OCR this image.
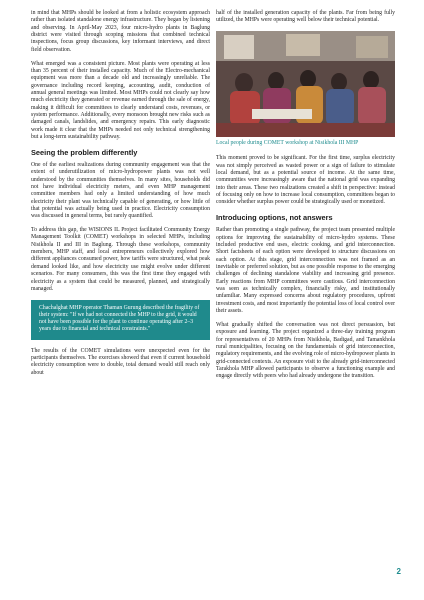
in mind that MHPs should be looked at from a holistic ecosystem approach rather than isolated standalone energy infrastructure. They began by listening and observing. In April-May 2023, four micro-hydro plants in Baglung district were visited through scoping missions that combined technical inspections, focus group discussions, key informant interviews, and direct field observation.

What emerged was a consistent picture. Most plants were operating at less than 35 percent of their installed capacity. Much of the Electro-mechanical equipment was more than a decade old and increasingly unreliable. The governance including record keeping, accounting, audit, conduction of annual general meetings was limited. Most MHPs could not clearly say how much electricity they generated or revenue earned through the sale of energy, making it difficult for committees to clearly understand costs, revenues, or system performance. Additionally, every monsoon brought new risks such as damaged canals, landslides, and emergency repairs. This early diagnostic work made it clear that the MHPs needed not only technical strengthening but a long-term sustainability pathway.

Seeing the problem differently

One of the earliest realizations during community engagement was that the extent of underutilization of micro-hydropower plants was not well understood by the communities themselves. In many sites, households did not have individual electricity meters, and even MHP management committee members had only a limited understanding of how much electricity their plant was technically capable of generating, or how little of that potential was actually being used in practice. Electricity consumption was discussed in general terms, but rarely quantified.

To address this gap, the WISIONS IL Project facilitated Community Energy Management Toolkit (COMET) workshops in selected MHPs, including Nisikhola II and III in Baglung. Through these workshops, community members, MHP staff, and local entrepreneurs collectively explored how different appliances consumed power, how tariffs were structured, what peak demand looked like, and how electricity use might evolve under different scenarios. For many consumers, this was the first time they engaged with electricity as a system that could be measured, planned, and strategically managed.

Chachalghat MHP operator Thaman Gurung described the fragility of their system: "If we had not connected the MHP to the grid, it would not have been possible for the plant to continue operating after 2–3 years due to financial and technical constraints."

The results of the COMET simulations were unexpected even for the participants themselves. The exercises showed that even if current household electricity consumption were to double, total demand would still reach only about

half of the installed generation capacity of the plants. Far from being fully utilized, the MHPs were operating well below their technical potential.

Local people during COMET workshop at Nisikhola III MHP

This moment proved to be significant. For the first time, surplus electricity was not simply perceived as wasted power or a sign of failure to stimulate local demand, but as a potential source of income. At the same time, communities were increasingly aware that the national grid was expanding into their areas. These two realizations created a shift in perspective: instead of focusing only on how to increase local consumption, committees began to consider whether surplus power could be strategically used or monetized.

Introducing options, not answers

Rather than promoting a single pathway, the project team presented multiple options for improving the sustainability of micro-hydro systems. These included productive end uses, electric cooking, and grid interconnection. Short factsheets of each option were developed to structure discussions on each option. At this stage, grid interconnection was not framed as an inevitable or preferred solution, but as one possible response to the emerging challenges of declining standalone viability and increasing grid presence. Early reactions from MHP committees were cautious. Grid interconnection was seen as technically complex, financially risky, and institutionally unfamiliar. Many expressed concerns about regulatory procedures, upfront investment costs, and most importantly the potential loss of local control over their assets.

What gradually shifted the conversation was not direct persuasion, but exposure and learning. The project organized a three-day training program for representatives of 20 MHPs from Nisikhola, Badigad, and Tamankhola rural municipalities, focusing on the fundamentals of grid interconnection, regulatory requirements, and the evolving role of micro-hydropower plants in grid-connected contexts. An exposure visit to the already grid-interconnected Tarakhola MHP allowed participants to observe a functioning example and engage directly with peers who had already undergone the transition.

2
